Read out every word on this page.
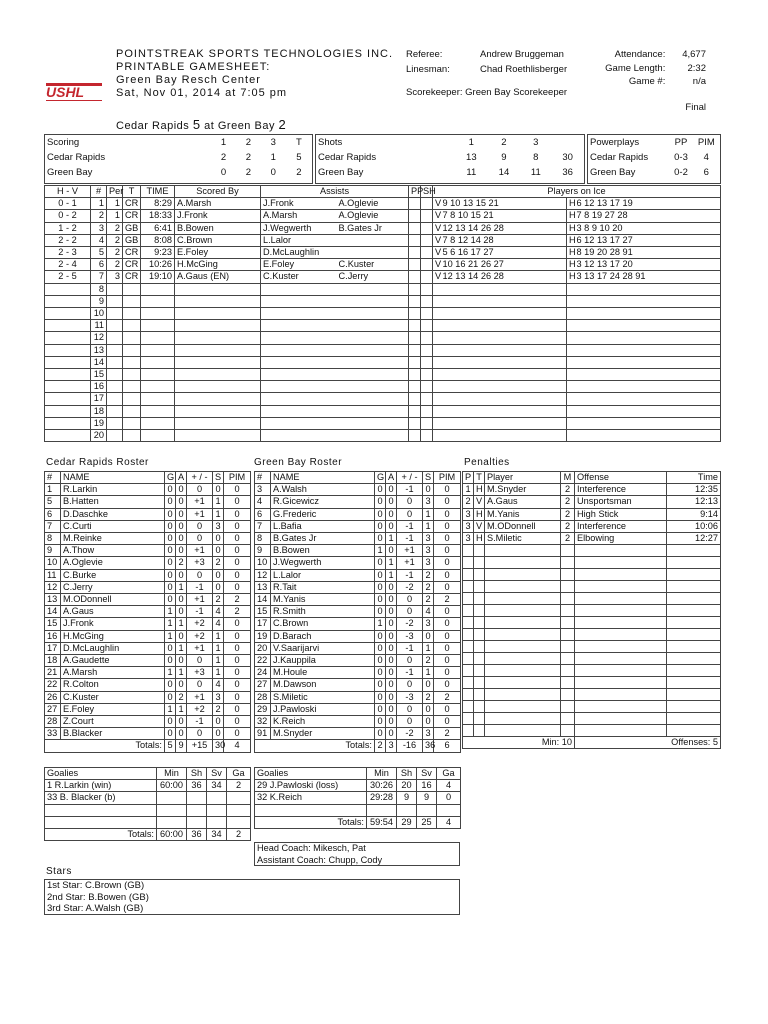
USHL
POINTSTREAK SPORTS TECHNOLOGIES INC.
PRINTABLE GAMESHEET:
Green Bay Resch Center
Sat, Nov 01, 2014 at 7:05 pm
Referee:	Andrew Bruggeman
Linesman:	Chad Roethlisberger
Scorekeeper: Green Bay Scorekeeper
Attendance: 4,677
Game Length: 2:32
Game #:	n/a
Final
Cedar Rapids 5 at Green Bay 2
Scoring	1	2	3	T
Cedar Rapids	2	2	1	5
Green Bay	0	2	0	2
Shots	1	2	3	
Cedar Rapids	13	9	8	30
Green Bay	11	14	11	36
Powerplays	PP	PIM
Cedar Rapids	0-3	4
Green Bay	0-2	6
H - V	#	Per	T	TIME	Scored By	Assists		PP	SH	Players on Ice			
0 - 1	1	1	CR	8:29	A.Marsh	J.Fronk	A.Oglevie			V	9 10 13 15 21	H	6 12 13 17 19
0 - 2	2	1	CR	18:33	J.Fronk	A.Marsh	A.Oglevie			V	7 8 10 15 21	H	7 8 19 27 28
1 - 2	3	2	GB	6:41	B.Bowen	J.Wegwerth	B.Gates Jr			V	12 13 14 26 28	H	3 8 9 10 20
2 - 2	4	2	GB	8:08	C.Brown	L.Lalor				V	7 8 12 14 28	H	6 12 13 17 27
2 - 3	5	2	CR	9:23	E.Foley	D.McLaughlin				V	5 6 16 17 27	H	8 19 20 28 91
2 - 4	6	2	CR	10:26	H.McGing	E.Foley	C.Kuster			V	10 16 21 26 27	H	3 12 13 17 20
2 - 5	7	3	CR	19:10	A.Gaus (EN)	C.Kuster	C.Jerry			V	12 13 14 26 28	H	3 13 17 24 28 91
	8												
	9												
	10												
	11												
	12												
	13												
	14												
	15												
	16												
	17												
	18												
	19												
	20												
Cedar Rapids Roster	Green Bay Roster	Penalties
#	NAME	G	A	+ / -	S	PIM
1	R.Larkin	0	0	0	0	0
5	B.Hatten	0	0	+1	1	0
6	D.Daschke	0	0	+1	1	0
7	C.Curti	0	0	0	3	0
8	M.Reinke	0	0	0	0	0
9	A.Thow	0	0	+1	0	0
10	A.Oglevie	0	2	+3	2	0
11	C.Burke	0	0	0	0	0
12	C.Jerry	0	1	-1	0	0
13	M.ODonnell	0	0	+1	2	2
14	A.Gaus	1	0	-1	4	2
15	J.Fronk	1	1	+2	4	0
16	H.McGing	1	0	+2	1	0
17	D.McLaughlin	0	1	+1	1	0
18	A.Gaudette	0	0	0	1	0
21	A.Marsh	1	1	+3	1	0
22	R.Colton	0	0	0	4	0
26	C.Kuster	0	2	+1	3	0
27	E.Foley	1	1	+2	2	0
28	Z.Court	0	0	-1	0	0
33	B.Blacker	0	0	0	0	0
Totals:		5	9	+15	30	4
#	NAME	G	A	+ / -	S	PIM
3	A.Walsh	0	0	-1	0	0
4	R.Gicewicz	0	0	0	3	0
6	G.Frederic	0	0	0	1	0
7	L.Bafia	0	0	-1	1	0
8	B.Gates Jr	0	1	-1	3	0
9	B.Bowen	1	0	+1	3	0
10	J.Wegwerth	0	1	+1	3	0
12	L.Lalor	0	1	-1	2	0
13	R.Tait	0	0	-2	2	0
14	M.Yanis	0	0	0	2	2
15	R.Smith	0	0	0	4	0
17	C.Brown	1	0	-2	3	0
19	D.Barach	0	0	-3	0	0
20	V.Saarijarvi	0	0	-1	1	0
22	J.Kauppila	0	0	0	2	0
24	M.Houle	0	0	-1	1	0
27	M.Dawson	0	0	0	0	0
28	S.Miletic	0	0	-3	2	2
29	J.Pawloski	0	0	0	0	0
32	K.Reich	0	0	0	0	0
91	M.Snyder	0	0	-2	3	2
Totals:		2	3	-16	36	6
P	T	Player	M	Offense	Time
1	H	M.Snyder	2	Interference	12:35
2	V	A.Gaus	2	Unsportsman	12:13
3	H	M.Yanis	2	High Stick	9:14
3	V	M.ODonnell	2	Interference	10:06
3	H	S.Miletic	2	Elbowing	12:27

Min: 10				Offenses: 5	
Goalies	Min	Sh	Sv	Ga
1 R.Larkin (win)	60:00	36	34	2
33 B. Blacker (b)				

Totals:	60:00	36	34	2
Goalies	Min	Sh	Sv	Ga
29 J.Pawloski (loss)	30:26	20	16	4
32 K.Reich	29:28	9	9	0

Totals:	59:54	29	25	4
Head Coach: Mikesch, Pat
Assistant Coach: Chupp, Cody
Stars
1st Star: C.Brown (GB)
2nd Star: B.Bowen (GB)
3rd Star: A.Walsh (GB)
